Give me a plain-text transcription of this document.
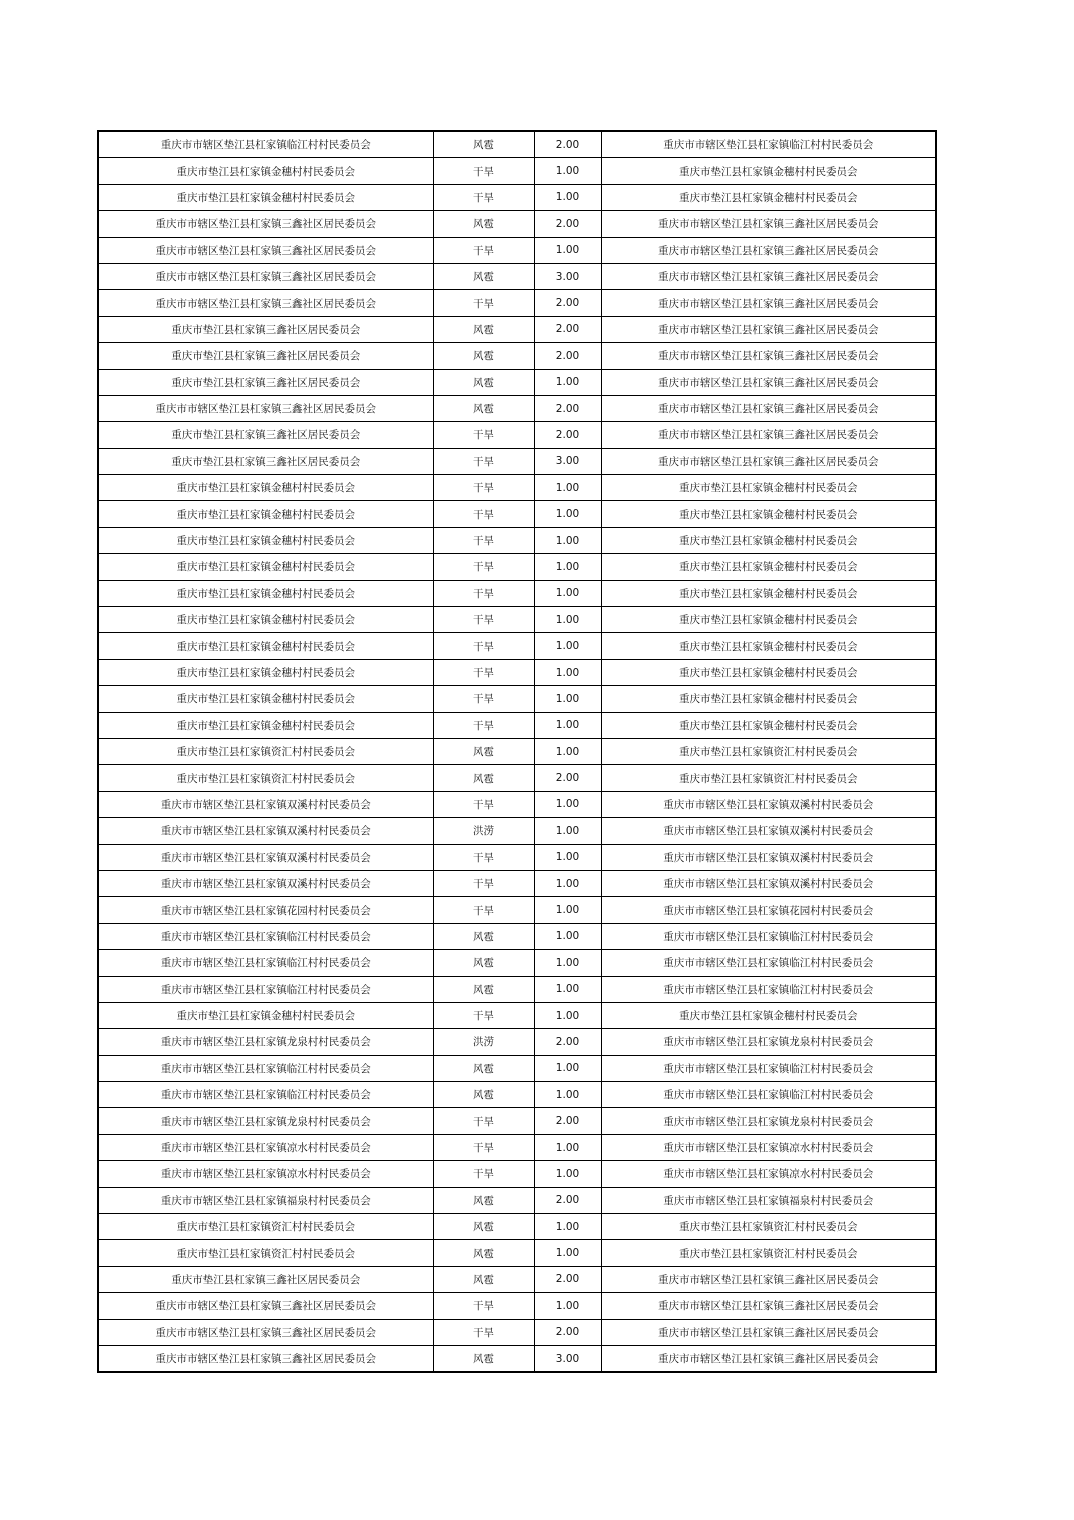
重庆市市辖区垫江县杠家镇临江村村民委员会	风雹	2.00	重庆市市辖区垫江县杠家镇临江村村民委员会
重庆市垫江县杠家镇金穗村村民委员会	干旱	1.00	重庆市垫江县杠家镇金穗村村民委员会
重庆市垫江县杠家镇金穗村村民委员会	干旱	1.00	重庆市垫江县杠家镇金穗村村民委员会
重庆市市辖区垫江县杠家镇三鑫社区居民委员会	风雹	2.00	重庆市市辖区垫江县杠家镇三鑫社区居民委员会
重庆市市辖区垫江县杠家镇三鑫社区居民委员会	干旱	1.00	重庆市市辖区垫江县杠家镇三鑫社区居民委员会
重庆市市辖区垫江县杠家镇三鑫社区居民委员会	风雹	3.00	重庆市市辖区垫江县杠家镇三鑫社区居民委员会
重庆市市辖区垫江县杠家镇三鑫社区居民委员会	干旱	2.00	重庆市市辖区垫江县杠家镇三鑫社区居民委员会
重庆市垫江县杠家镇三鑫社区居民委员会	风雹	2.00	重庆市市辖区垫江县杠家镇三鑫社区居民委员会
重庆市垫江县杠家镇三鑫社区居民委员会	风雹	2.00	重庆市市辖区垫江县杠家镇三鑫社区居民委员会
重庆市垫江县杠家镇三鑫社区居民委员会	风雹	1.00	重庆市市辖区垫江县杠家镇三鑫社区居民委员会
重庆市市辖区垫江县杠家镇三鑫社区居民委员会	风雹	2.00	重庆市市辖区垫江县杠家镇三鑫社区居民委员会
重庆市垫江县杠家镇三鑫社区居民委员会	干旱	2.00	重庆市市辖区垫江县杠家镇三鑫社区居民委员会
重庆市垫江县杠家镇三鑫社区居民委员会	干旱	3.00	重庆市市辖区垫江县杠家镇三鑫社区居民委员会
重庆市垫江县杠家镇金穗村村民委员会	干旱	1.00	重庆市垫江县杠家镇金穗村村民委员会
重庆市垫江县杠家镇金穗村村民委员会	干旱	1.00	重庆市垫江县杠家镇金穗村村民委员会
重庆市垫江县杠家镇金穗村村民委员会	干旱	1.00	重庆市垫江县杠家镇金穗村村民委员会
重庆市垫江县杠家镇金穗村村民委员会	干旱	1.00	重庆市垫江县杠家镇金穗村村民委员会
重庆市垫江县杠家镇金穗村村民委员会	干旱	1.00	重庆市垫江县杠家镇金穗村村民委员会
重庆市垫江县杠家镇金穗村村民委员会	干旱	1.00	重庆市垫江县杠家镇金穗村村民委员会
重庆市垫江县杠家镇金穗村村民委员会	干旱	1.00	重庆市垫江县杠家镇金穗村村民委员会
重庆市垫江县杠家镇金穗村村民委员会	干旱	1.00	重庆市垫江县杠家镇金穗村村民委员会
重庆市垫江县杠家镇金穗村村民委员会	干旱	1.00	重庆市垫江县杠家镇金穗村村民委员会
重庆市垫江县杠家镇金穗村村民委员会	干旱	1.00	重庆市垫江县杠家镇金穗村村民委员会
重庆市垫江县杠家镇资汇村村民委员会	风雹	1.00	重庆市垫江县杠家镇资汇村村民委员会
重庆市垫江县杠家镇资汇村村民委员会	风雹	2.00	重庆市垫江县杠家镇资汇村村民委员会
重庆市市辖区垫江县杠家镇双溪村村民委员会	干旱	1.00	重庆市市辖区垫江县杠家镇双溪村村民委员会
重庆市市辖区垫江县杠家镇双溪村村民委员会	洪涝	1.00	重庆市市辖区垫江县杠家镇双溪村村民委员会
重庆市市辖区垫江县杠家镇双溪村村民委员会	干旱	1.00	重庆市市辖区垫江县杠家镇双溪村村民委员会
重庆市市辖区垫江县杠家镇双溪村村民委员会	干旱	1.00	重庆市市辖区垫江县杠家镇双溪村村民委员会
重庆市市辖区垫江县杠家镇花园村村民委员会	干旱	1.00	重庆市市辖区垫江县杠家镇花园村村民委员会
重庆市市辖区垫江县杠家镇临江村村民委员会	风雹	1.00	重庆市市辖区垫江县杠家镇临江村村民委员会
重庆市市辖区垫江县杠家镇临江村村民委员会	风雹	1.00	重庆市市辖区垫江县杠家镇临江村村民委员会
重庆市市辖区垫江县杠家镇临江村村民委员会	风雹	1.00	重庆市市辖区垫江县杠家镇临江村村民委员会
重庆市垫江县杠家镇金穗村村民委员会	干旱	1.00	重庆市垫江县杠家镇金穗村村民委员会
重庆市市辖区垫江县杠家镇龙泉村村民委员会	洪涝	2.00	重庆市市辖区垫江县杠家镇龙泉村村民委员会
重庆市市辖区垫江县杠家镇临江村村民委员会	风雹	1.00	重庆市市辖区垫江县杠家镇临江村村民委员会
重庆市市辖区垫江县杠家镇临江村村民委员会	风雹	1.00	重庆市市辖区垫江县杠家镇临江村村民委员会
重庆市市辖区垫江县杠家镇龙泉村村民委员会	干旱	2.00	重庆市市辖区垫江县杠家镇龙泉村村民委员会
重庆市市辖区垫江县杠家镇凉水村村民委员会	干旱	1.00	重庆市市辖区垫江县杠家镇凉水村村民委员会
重庆市市辖区垫江县杠家镇凉水村村民委员会	干旱	1.00	重庆市市辖区垫江县杠家镇凉水村村民委员会
重庆市市辖区垫江县杠家镇福泉村村民委员会	风雹	2.00	重庆市市辖区垫江县杠家镇福泉村村民委员会
重庆市垫江县杠家镇资汇村村民委员会	风雹	1.00	重庆市垫江县杠家镇资汇村村民委员会
重庆市垫江县杠家镇资汇村村民委员会	风雹	1.00	重庆市垫江县杠家镇资汇村村民委员会
重庆市垫江县杠家镇三鑫社区居民委员会	风雹	2.00	重庆市市辖区垫江县杠家镇三鑫社区居民委员会
重庆市市辖区垫江县杠家镇三鑫社区居民委员会	干旱	1.00	重庆市市辖区垫江县杠家镇三鑫社区居民委员会
重庆市市辖区垫江县杠家镇三鑫社区居民委员会	干旱	2.00	重庆市市辖区垫江县杠家镇三鑫社区居民委员会
重庆市市辖区垫江县杠家镇三鑫社区居民委员会	风雹	3.00	重庆市市辖区垫江县杠家镇三鑫社区居民委员会
